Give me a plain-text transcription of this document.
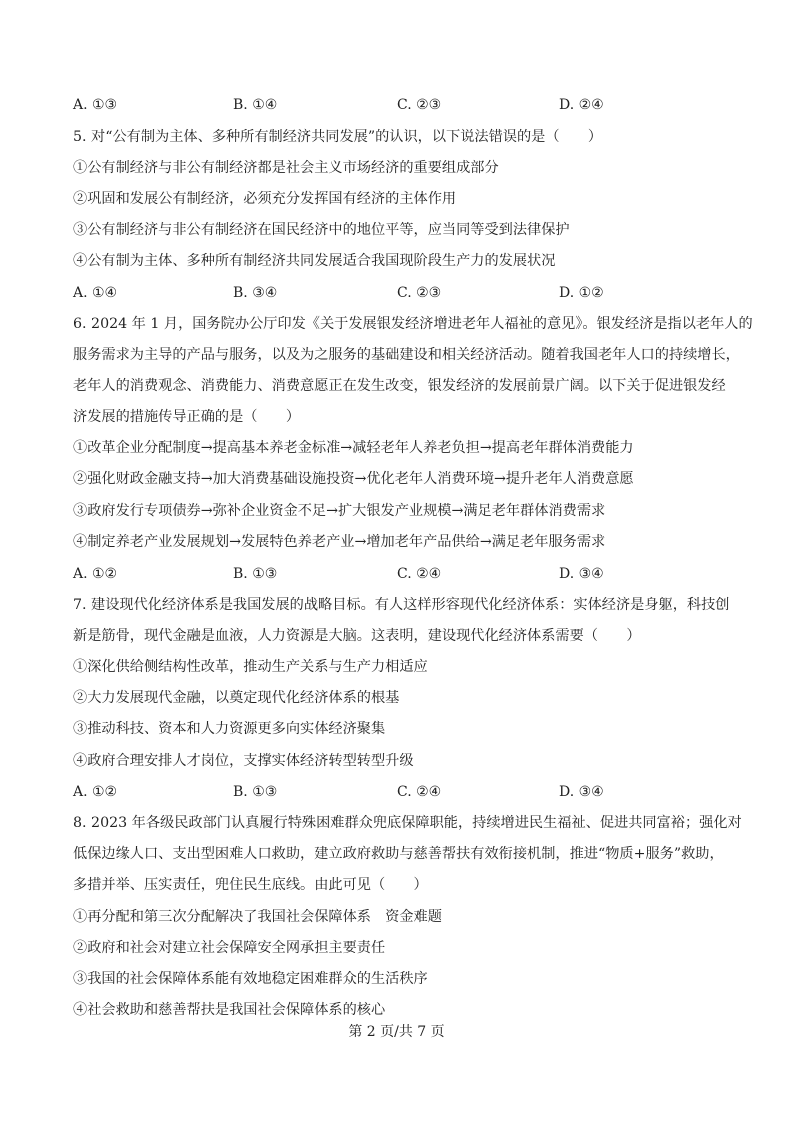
A. ①③	B. ①④	C. ②③	D. ②④
5. 对“公有制为主体、多种所有制经济共同发展”的认识，以下说法错误的是（　　）
①公有制经济与非公有制经济都是社会主义市场经济的重要组成部分
②巩固和发展公有制经济，必须充分发挥国有经济的主体作用
③公有制经济与非公有制经济在国民经济中的地位平等，应当同等受到法律保护
④公有制为主体、多种所有制经济共同发展适合我国现阶段生产力的发展状况
A. ①④	B. ③④	C. ②③	D. ①②
6. 2024 年 1 月，国务院办公厅印发《关于发展银发经济增进老年人福祉的意见》。银发经济是指以老年人的
服务需求为主导的产品与服务，以及为之服务的基础建设和相关经济活动。随着我国老年人口的持续增长，
老年人的消费观念、消费能力、消费意愿正在发生改变，银发经济的发展前景广阔。以下关于促进银发经
济发展的措施传导正确的是（　　）
①改革企业分配制度→提高基本养老金标准→减轻老年人养老负担→提高老年群体消费能力
②强化财政金融支持→加大消费基础设施投资→优化老年人消费环境→提升老年人消费意愿
③政府发行专项债券→弥补企业资金不足→扩大银发产业规模→满足老年群体消费需求
④制定养老产业发展规划→发展特色养老产业→增加老年产品供给→满足老年服务需求
A. ①②	B. ①③	C. ②④	D. ③④
7. 建设现代化经济体系是我国发展的战略目标。有人这样形容现代化经济体系：实体经济是身躯，科技创
新是筋骨，现代金融是血液，人力资源是大脑。这表明，建设现代化经济体系需要（　　）
①深化供给侧结构性改革，推动生产关系与生产力相适应
②大力发展现代金融，以奠定现代化经济体系的根基
③推动科技、资本和人力资源更多向实体经济聚集
④政府合理安排人才岗位，支撑实体经济转型转型升级
A. ①②	B. ①③	C. ②④	D. ③④
8. 2023 年各级民政部门认真履行特殊困难群众兜底保障职能，持续增进民生福祉、促进共同富裕；强化对
低保边缘人口、支出型困难人口救助，建立政府救助与慈善帮扶有效衔接机制，推进“物质+服务”救助，
多措并举、压实责任，兜住民生底线。由此可见（　　）
①再分配和第三次分配解决了我国社会保障体系　资金难题
②政府和社会对建立社会保障安全网承担主要责任
③我国的社会保障体系能有效地稳定困难群众的生活秩序
④社会救助和慈善帮扶是我国社会保障体系的核心
第 2 页/共 7 页
